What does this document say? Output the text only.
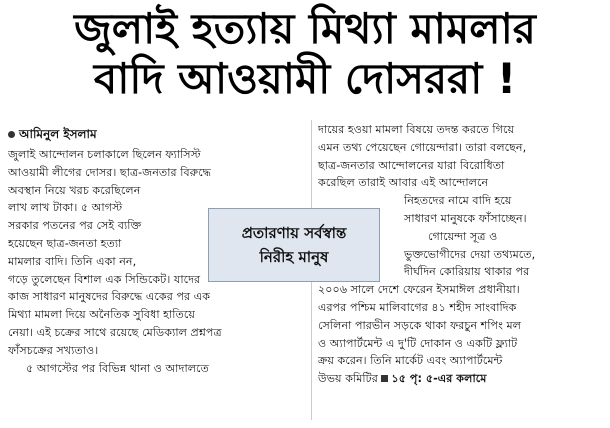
জুলাই হত্যায় মিথ্যা মামলার
বাদি আওয়ামী দোসররা !
আমিনুল ইসলাম
জুলাই আন্দোলন চলাকালে ছিলেন ফ্যাসিস্ট
আওয়ামী লীগের দোসর। ছাত্র-জনতার বিরুদ্ধে
অবস্থান নিয়ে খরচ করেছিলেন
লাখ লাখ টাকা। ৫ আগস্ট
সরকার পতনের পর সেই ব্যক্তি
হয়েছেন ছাত্র-জনতা হত্যা
মামলার বাদি। তিনি একা নন,
গড়ে তুলেছেন বিশাল এক সিন্ডিকেট। যাদের
কাজ সাধারণ মানুষদের বিরুদ্ধে একের পর এক
মিথ্যা মামলা দিয়ে অনৈতিক সুবিধা হাতিয়ে
নেয়া। এই চক্রের সাথে রয়েছে মেডিক্যাল প্রশ্নপত্র
ফাঁসচক্রের সখ্যতাও।
৫ আগস্টের পর বিভিন্ন থানা ও আদালতে
দায়ের হওয়া মামলা বিষয়ে তদন্ত করতে গিয়ে
এমন তথ্য পেয়েছেন গোয়েন্দারা। তারা বলছেন,
ছাত্র-জনতার আন্দোলনের যারা বিরোধিতা
করেছিল তারাই আবার এই আন্দোলনে
নিহতদের নামে বাদি হয়ে
সাধারণ মানুষকে ফাঁসাচ্ছেন।
গোয়েন্দা সূত্র ও
ভুক্তভোগীদের দেয়া তথ্যমতে,
দীর্ঘদিন কোরিয়ায় থাকার পর
২০০৬ সালে দেশে ফেরেন ইসমাঈল প্রধানীয়া।
এরপর পশ্চিম মালিবাগের ৪১ শহীদ সাংবাদিক
সেলিনা পারভীন সড়কে থাকা ফরচুন শপিং মল
ও অ্যাপার্টমেন্ট এ দু'টি দোকান ও একটি ফ্ল্যাট
ক্রয় করেন। তিনি মার্কেট এবং অ্যাপার্টমেন্ট
উভয় কমিটির ১৫ পৃ: ৫-এর কলামে
প্রতারণায় সর্বস্বান্ত
নিরীহ মানুষ
